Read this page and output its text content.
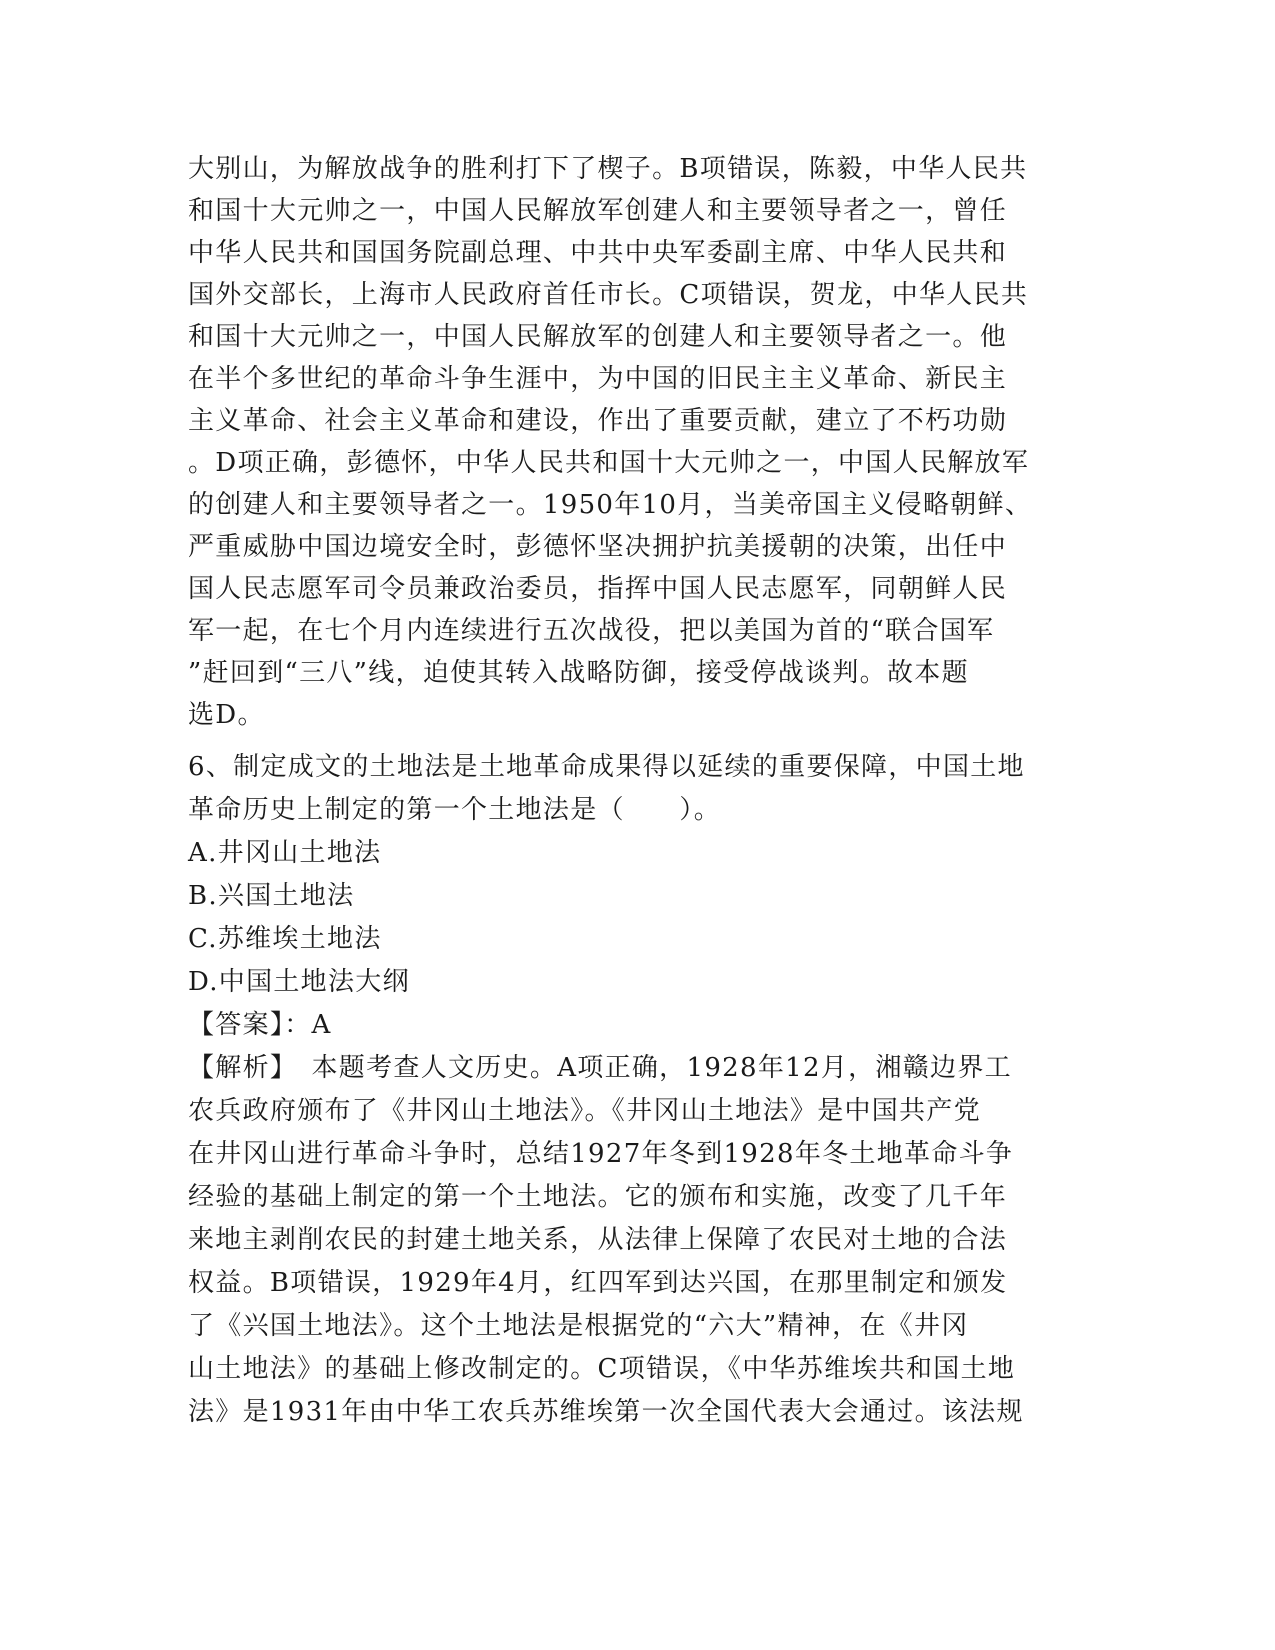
大别山，为解放战争的胜利打下了楔子。B项错误，陈毅，中华人民共
和国十大元帅之一，中国人民解放军创建人和主要领导者之一，曾任
中华人民共和国国务院副总理、中共中央军委副主席、中华人民共和
国外交部长，上海市人民政府首任市长。C项错误，贺龙，中华人民共
和国十大元帅之一，中国人民解放军的创建人和主要领导者之一。他
在半个多世纪的革命斗争生涯中，为中国的旧民主主义革命、新民主
主义革命、社会主义革命和建设，作出了重要贡献，建立了不朽功勋
。D项正确，彭德怀，中华人民共和国十大元帅之一，中国人民解放军
的创建人和主要领导者之一。1950年10月，当美帝国主义侵略朝鲜、
严重威胁中国边境安全时，彭德怀坚决拥护抗美援朝的决策，出任中
国人民志愿军司令员兼政治委员，指挥中国人民志愿军，同朝鲜人民
军一起，在七个月内连续进行五次战役，把以美国为首的“联合国军
”赶回到“三八”线，迫使其转入战略防御，接受停战谈判。故本题
选D。
6、制定成文的土地法是土地革命成果得以延续的重要保障，中国土地
革命历史上制定的第一个土地法是（　　）。
A.井冈山土地法
B.兴国土地法
C.苏维埃土地法
D.中国土地法大纲
【答案】：A
【解析】　本题考查人文历史。A项正确，1928年12月，湘赣边界工
农兵政府颁布了《井冈山土地法》。《井冈山土地法》是中国共产党
在井冈山进行革命斗争时，总结1927年冬到1928年冬土地革命斗争
经验的基础上制定的第一个土地法。它的颁布和实施，改变了几千年
来地主剥削农民的封建土地关系，从法律上保障了农民对土地的合法
权益。B项错误，1929年4月，红四军到达兴国，在那里制定和颁发
了《兴国土地法》。这个土地法是根据党的“六大”精神，在《井冈
山土地法》的基础上修改制定的。C项错误，《中华苏维埃共和国土地
法》是1931年由中华工农兵苏维埃第一次全国代表大会通过。该法规
